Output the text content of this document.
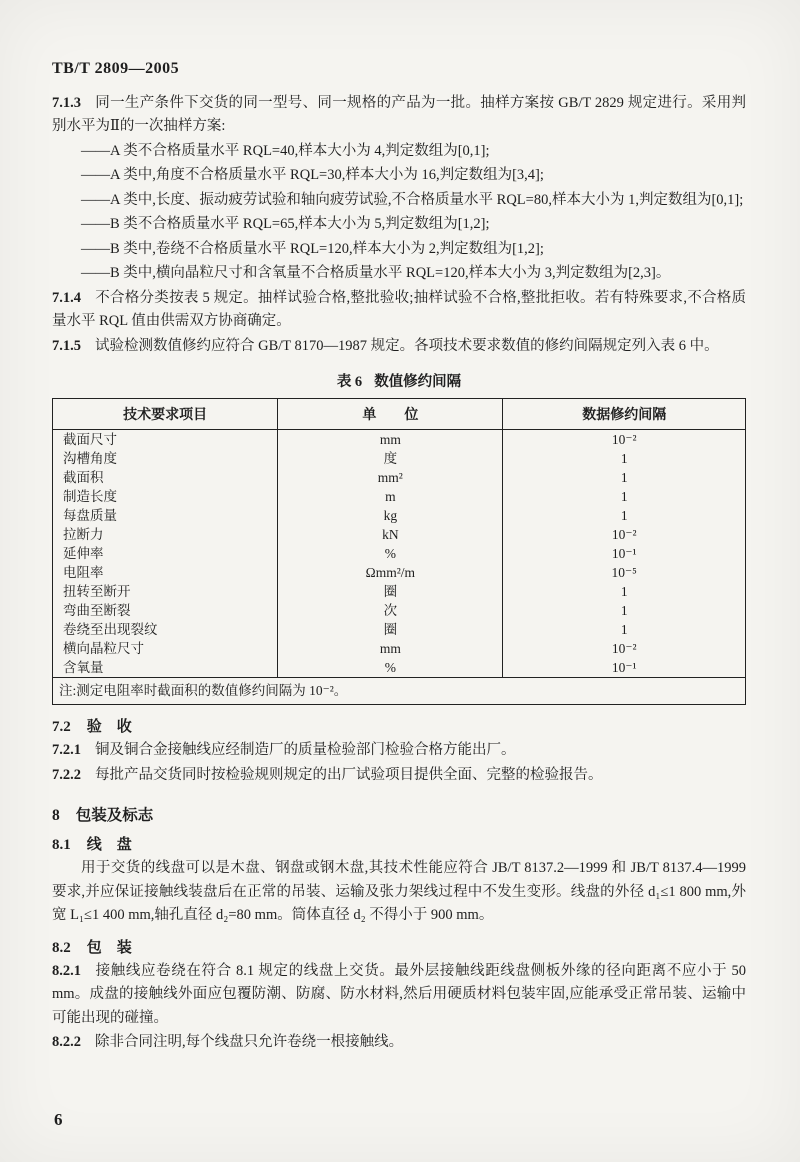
TB/T 2809—2005

7.1.3 同一生产条件下交货的同一型号、同一规格的产品为一批。抽样方案按 GB/T 2829 规定进行。采用判别水平为Ⅱ的一次抽样方案:

——A 类不合格质量水平 RQL=40,样本大小为 4,判定数组为[0,1];

——A 类中,角度不合格质量水平 RQL=30,样本大小为 16,判定数组为[3,4];

——A 类中,长度、振动疲劳试验和轴向疲劳试验,不合格质量水平 RQL=80,样本大小为 1,判定数组为[0,1];

——B 类不合格质量水平 RQL=65,样本大小为 5,判定数组为[1,2];

——B 类中,卷绕不合格质量水平 RQL=120,样本大小为 2,判定数组为[1,2];

——B 类中,横向晶粒尺寸和含氧量不合格质量水平 RQL=120,样本大小为 3,判定数组为[2,3]。

7.1.4 不合格分类按表 5 规定。抽样试验合格,整批验收;抽样试验不合格,整批拒收。若有特殊要求,不合格质量水平 RQL 值由供需双方协商确定。

7.1.5 试验检测数值修约应符合 GB/T 8170—1987 规定。各项技术要求数值的修约间隔规定列入表 6 中。

表 6 数值修约间隔
技术要求项目	单　　位	数据修约间隔
截面尺寸	mm	10⁻²
沟槽角度	度	1
截面积	mm²	1
制造长度	m	1
每盘质量	kg	1
拉断力	kN	10⁻²
延伸率	%	10⁻¹
电阻率	Ωmm²/m	10⁻⁵
扭转至断开	圈	1
弯曲至断裂	次	1
卷绕至出现裂纹	圈	1
横向晶粒尺寸	mm	10⁻²
含氧量	%	10⁻¹
注:测定电阻率时截面积的数值修约间隔为 10⁻²。		
7.2 验　收

7.2.1 铜及铜合金接触线应经制造厂的质量检验部门检验合格方能出厂。

7.2.2 每批产品交货同时按检验规则规定的出厂试验项目提供全面、完整的检验报告。

8 包装及标志
8.1 线　盘

用于交货的线盘可以是木盘、钢盘或钢木盘,其技术性能应符合 JB/T 8137.2—1999 和 JB/T 8137.4—1999 要求,并应保证接触线装盘后在正常的吊装、运输及张力架线过程中不发生变形。线盘的外径 d₁≤1 800 mm,外宽 L₁≤1 400 mm,轴孔直径 d₂=80 mm。筒体直径 d₂ 不得小于 900 mm。

8.2 包　装

8.2.1 接触线应卷绕在符合 8.1 规定的线盘上交货。最外层接触线距线盘侧板外缘的径向距离不应小于 50 mm。成盘的接触线外面应包覆防潮、防腐、防水材料,然后用硬质材料包装牢固,应能承受正常吊装、运输中可能出现的碰撞。

8.2.2 除非合同注明,每个线盘只允许卷绕一根接触线。

6
